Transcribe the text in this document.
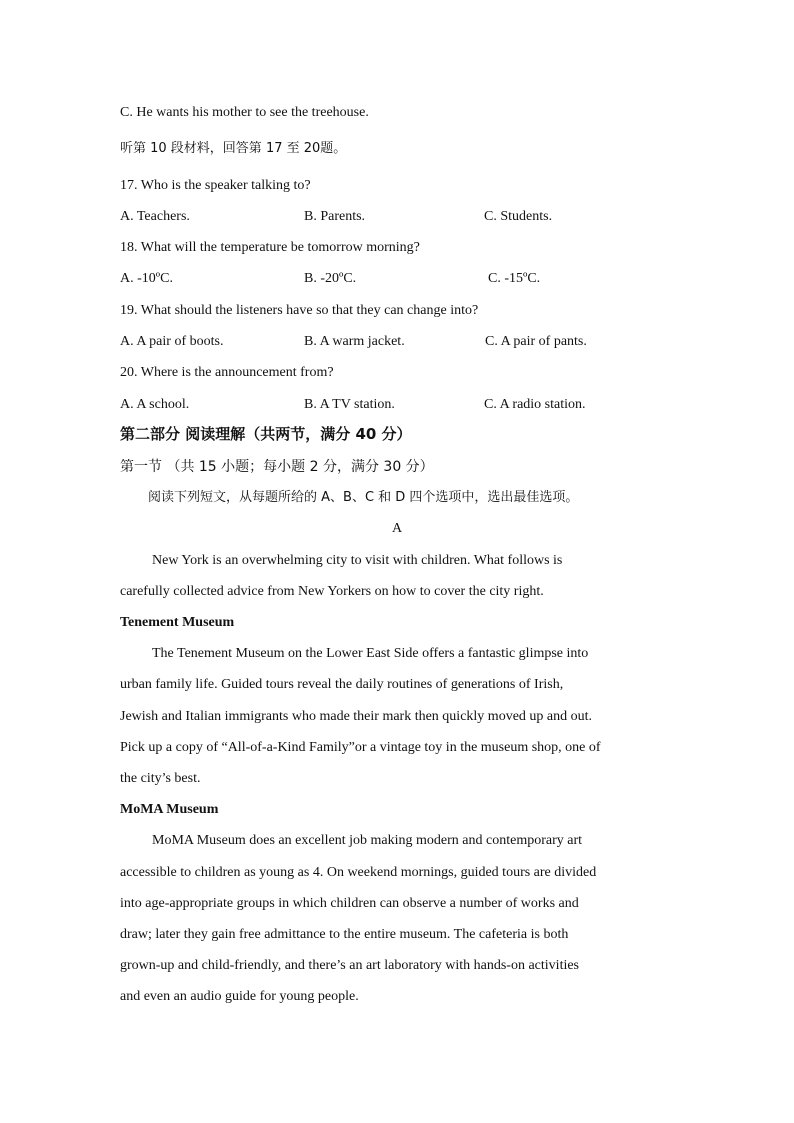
C. He wants his mother to see the treehouse.
听第 10 段材料，回答第 17 至 20题。
17. Who is the speaker talking to?
A. Teachers.	B. Parents.	C. Students.
18. What will the temperature be tomorrow morning?
A. -10ºC.	B. -20ºC.	C. -15ºC.
19. What should the listeners have so that they can change into?
A. A pair of boots.	B. A warm jacket.	C. A pair of pants.
20. Where is the announcement from?
A. A school.	B. A TV station.	C. A radio station.
第二部分 阅读理解（共两节，满分 40 分）
第一节 （共 15 小题；每小题 2 分，满分 30 分）
阅读下列短文，从每题所给的 A、B、C 和 D 四个选项中，选出最佳选项。
A
New York is an overwhelming city to visit with children. What follows is
carefully collected advice from New Yorkers on how to cover the city right.
Tenement Museum
The Tenement Museum on the Lower East Side offers a fantastic glimpse into
urban family life. Guided tours reveal the daily routines of generations of Irish,
Jewish and Italian immigrants who made their mark then quickly moved up and out.
Pick up a copy of “All-of-a-Kind Family”or a vintage toy in the museum shop, one of
the city’s best.
MoMA Museum
MoMA Museum does an excellent job making modern and contemporary art
accessible to children as young as 4. On weekend mornings, guided tours are divided
into age-appropriate groups in which children can observe a number of works and
draw; later they gain free admittance to the entire museum. The cafeteria is both
grown-up and child-friendly, and there’s an art laboratory with hands-on activities
and even an audio guide for young people.
